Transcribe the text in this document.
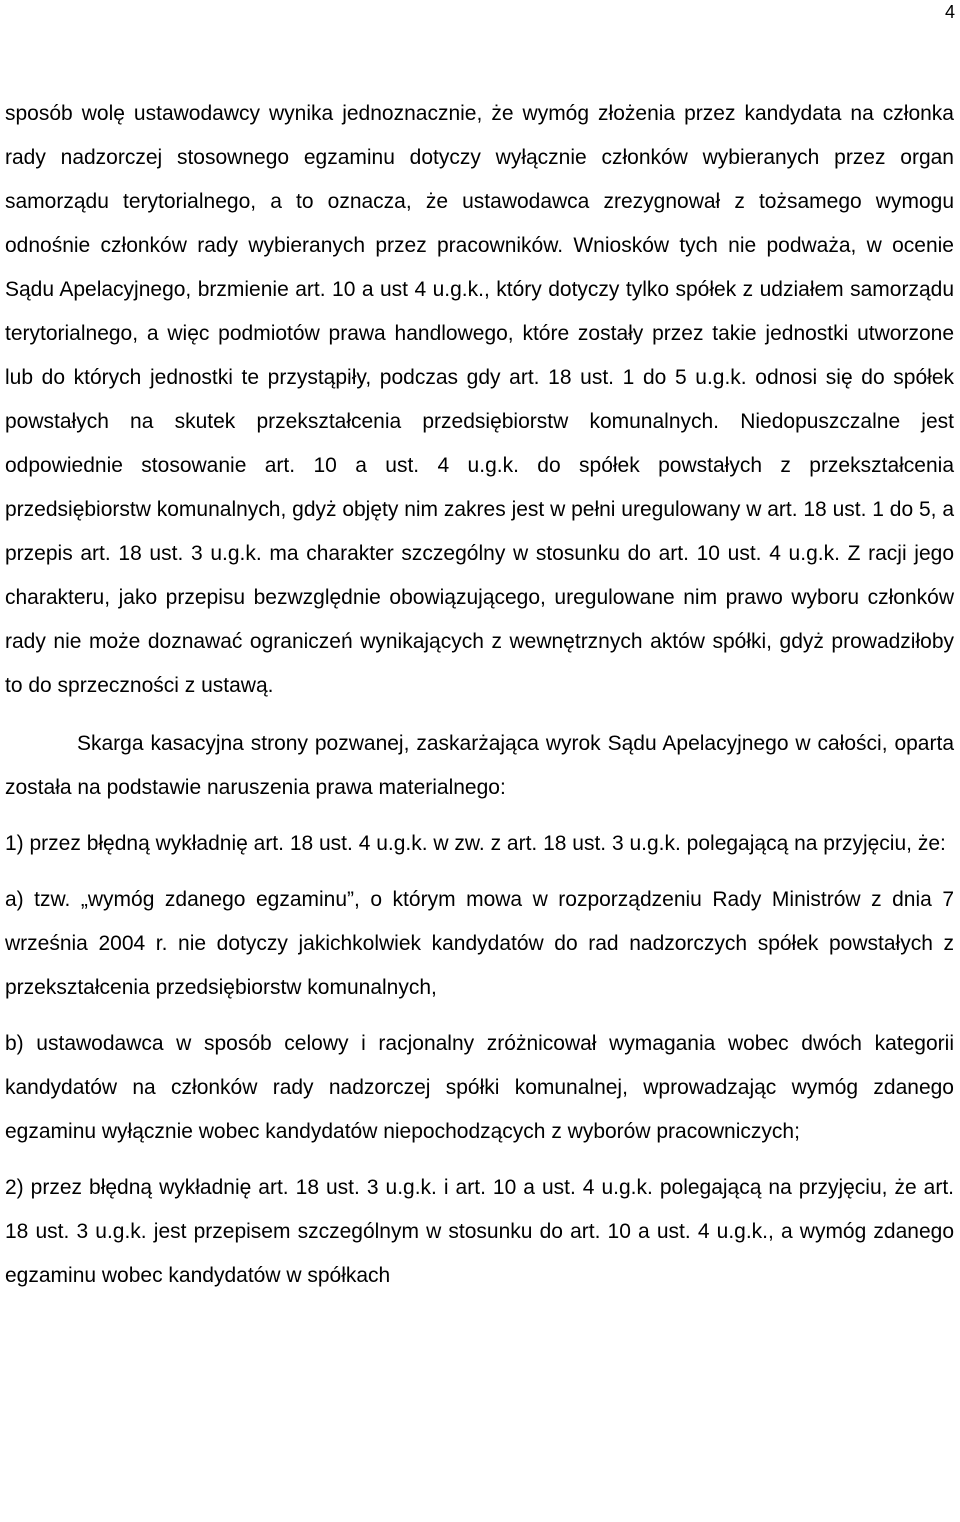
4

sposób wolę ustawodawcy wynika jednoznacznie, że wymóg złożenia przez kandydata na członka rady nadzorczej stosownego egzaminu dotyczy wyłącznie członków wybieranych przez organ samorządu terytorialnego, a to oznacza, że ustawodawca zrezygnował z tożsamego wymogu odnośnie członków rady wybieranych przez pracowników. Wniosków tych nie podważa, w ocenie Sądu Apelacyjnego, brzmienie art. 10 a ust 4 u.g.k., który dotyczy tylko spółek z udziałem samorządu terytorialnego, a więc podmiotów prawa handlowego, które zostały przez takie jednostki utworzone lub do których jednostki te przystąpiły, podczas gdy art. 18 ust. 1 do 5 u.g.k. odnosi się do spółek powstałych na skutek przekształcenia przedsiębiorstw komunalnych. Niedopuszczalne jest odpowiednie stosowanie art. 10 a ust. 4 u.g.k. do spółek powstałych z przekształcenia przedsiębiorstw komunalnych, gdyż objęty nim zakres jest w pełni uregulowany w art. 18 ust. 1 do 5, a przepis art. 18 ust. 3 u.g.k. ma charakter szczególny w stosunku do art. 10 ust. 4 u.g.k. Z racji jego charakteru, jako przepisu bezwzględnie obowiązującego, uregulowane nim prawo wyboru członków rady nie może doznawać ograniczeń wynikających z wewnętrznych aktów spółki, gdyż prowadziłoby to do sprzeczności z ustawą.

Skarga kasacyjna strony pozwanej, zaskarżająca wyrok Sądu Apelacyjnego w całości, oparta została na podstawie naruszenia prawa materialnego:

1) przez błędną wykładnię art. 18 ust. 4 u.g.k. w zw. z art. 18 ust. 3 u.g.k. polegającą na przyjęciu, że:

a) tzw. „wymóg zdanego egzaminu”, o którym mowa w rozporządzeniu Rady Ministrów z dnia 7 września 2004 r. nie dotyczy jakichkolwiek kandydatów do rad nadzorczych spółek powstałych z przekształcenia przedsiębiorstw komunalnych,

b) ustawodawca w sposób celowy i racjonalny zróżnicował wymagania wobec dwóch kategorii kandydatów na członków rady nadzorczej spółki komunalnej, wprowadzając wymóg zdanego egzaminu wyłącznie wobec kandydatów niepochodzących z wyborów pracowniczych;

2) przez błędną wykładnię art. 18 ust. 3 u.g.k. i art. 10 a ust. 4 u.g.k. polegającą na przyjęciu, że art. 18 ust. 3 u.g.k. jest przepisem szczególnym w stosunku do art. 10 a ust. 4 u.g.k., a wymóg zdanego egzaminu wobec kandydatów w spółkach
